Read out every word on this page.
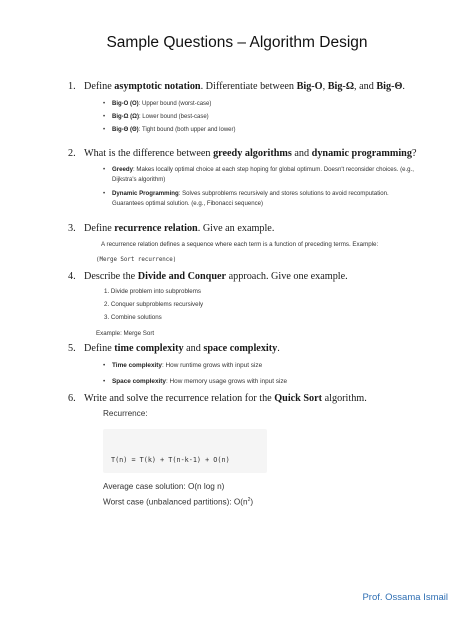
Sample Questions – Algorithm Design
1. Define asymptotic notation. Differentiate between Big-O, Big-Ω, and Big-Θ.
• Big-O (O): Upper bound (worst-case)
• Big-Ω (Ω): Lower bound (best-case)
• Big-Θ (Θ): Tight bound (both upper and lower)
2. What is the difference between greedy algorithms and dynamic programming?
• Greedy: Makes locally optimal choice at each step hoping for global optimum. Doesn't reconsider choices. (e.g., Dijkstra's algorithm)
• Dynamic Programming: Solves subproblems recursively and stores solutions to avoid recomputation. Guarantees optimal solution. (e.g., Fibonacci sequence)
3. Define recurrence relation. Give an example.
A recurrence relation defines a sequence where each term is a function of preceding terms. Example:
(Merge Sort recurrence)
4. Describe the Divide and Conquer approach. Give one example.
1. Divide problem into subproblems
2. Conquer subproblems recursively
3. Combine solutions
Example: Merge Sort
5. Define time complexity and space complexity.
• Time complexity: How runtime grows with input size
• Space complexity: How memory usage grows with input size
6. Write and solve the recurrence relation for the Quick Sort algorithm.
Recurrence:
T(n) = T(k) + T(n-k-1) + O(n)
Average case solution: O(n log n)
Worst case (unbalanced partitions): $O(n^2)$
Prof. Ossama Ismail
